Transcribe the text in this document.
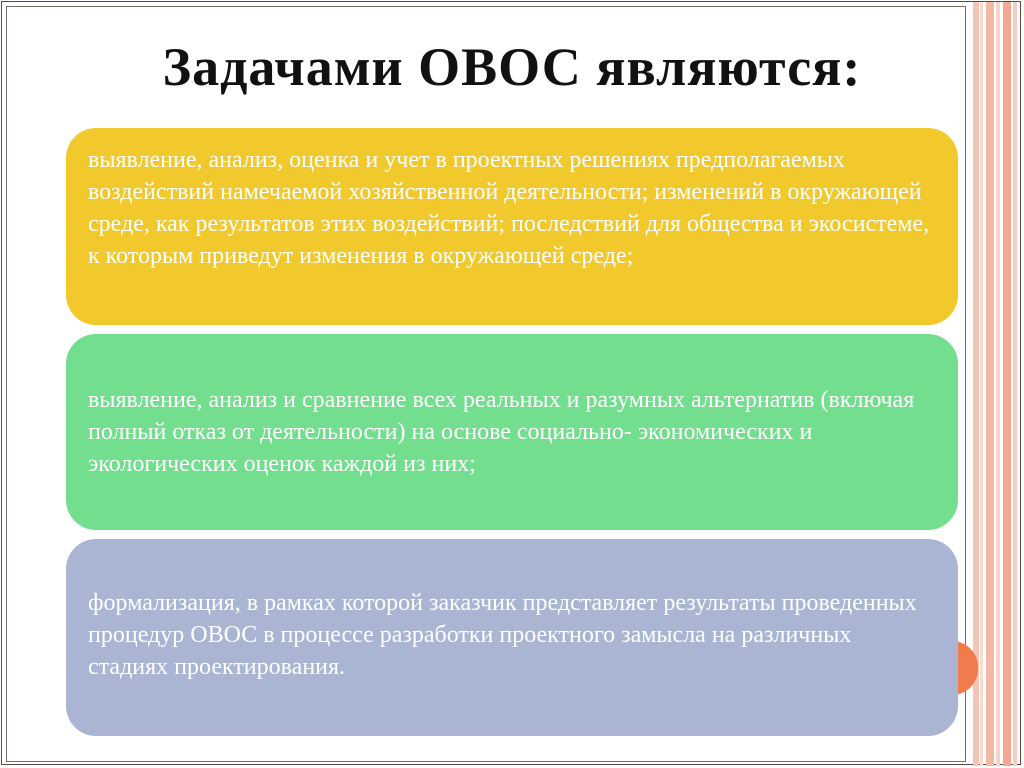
Задачами ОВОС являются:
выявление, анализ, оценка и учет в проектных решениях предполагаемых воздействий намечаемой хозяйственной деятельности; изменений в окружающей среде, как результатов этих воздействий; последствий для общества и экосистеме, к которым приведут изменения в окружающей среде;
выявление, анализ и сравнение всех реальных и разумных альтернатив (включая полный отказ от деятельности) на основе социально- экономических и экологических оценок каждой из них;
формализация, в рамках которой заказчик представляет результаты проведенных процедур ОВОС в процессе разработки проектного замысла на различных стадиях проектирования.
